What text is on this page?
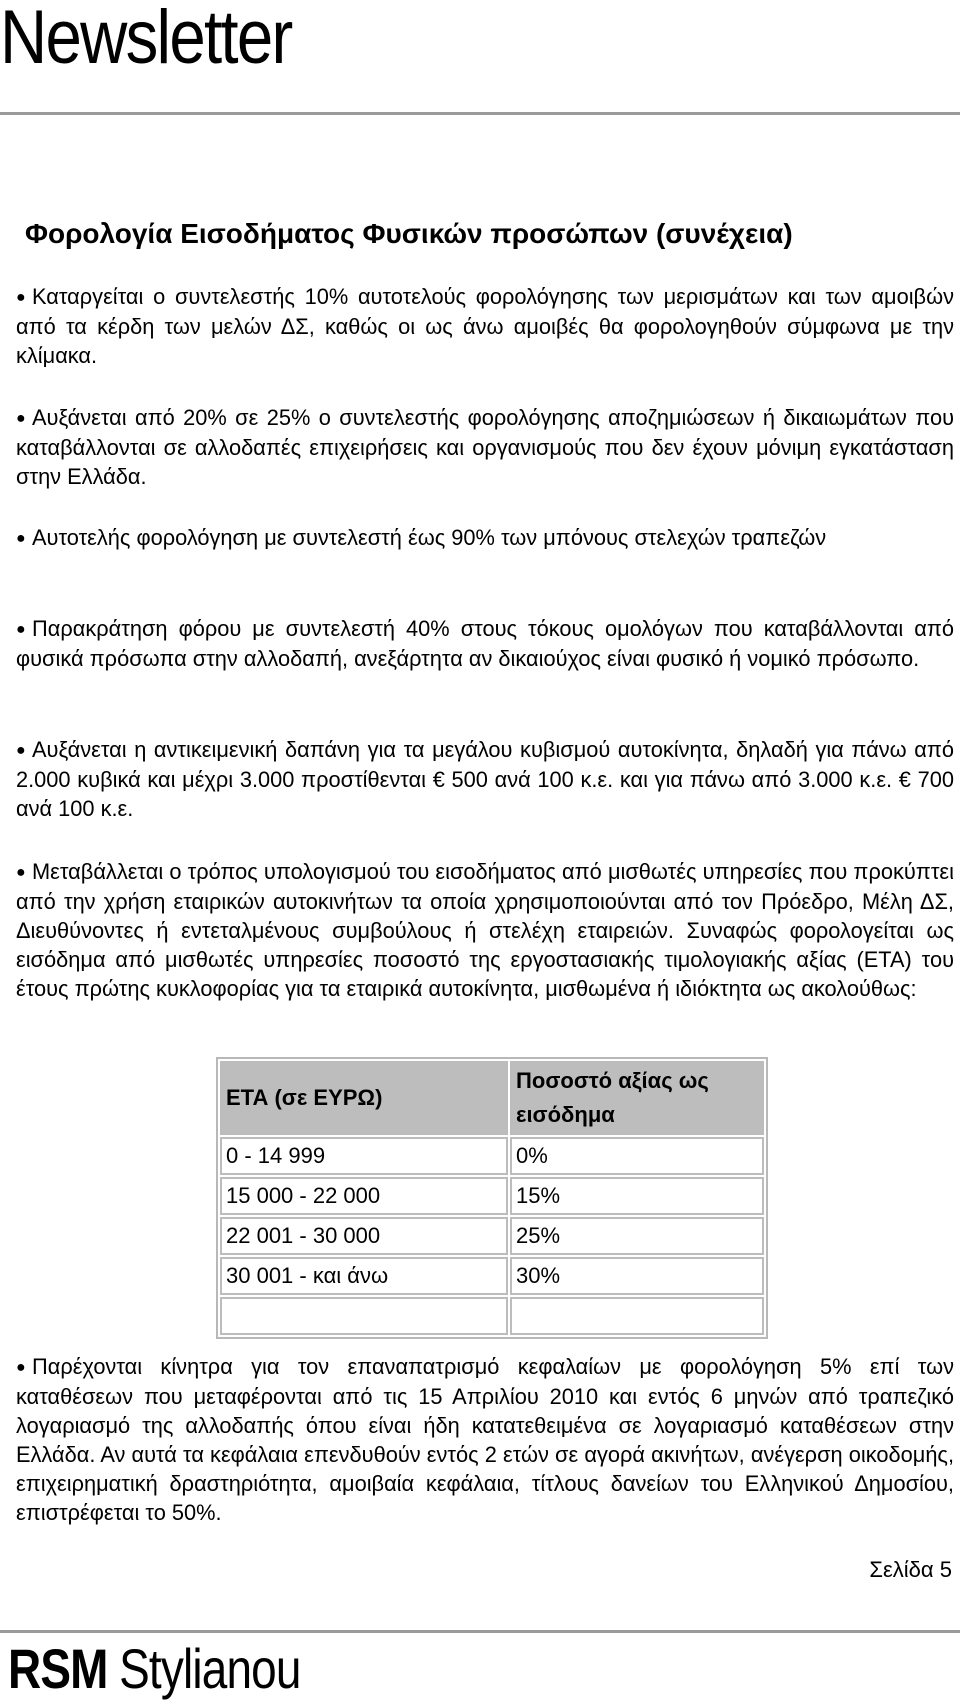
Newsletter
Φορολογία Εισοδήματος Φυσικών προσώπων (συνέχεια)

● Καταργείται ο συντελεστής 10% αυτοτελούς φορολόγησης των μερισμάτων και των αμοιβών από τα κέρδη των μελών ΔΣ, καθώς οι ως άνω αμοιβές θα φορολογηθούν σύμφωνα με την κλίμακα.

● Αυξάνεται από 20% σε 25% ο συντελεστής φορολόγησης αποζημιώσεων ή δικαιωμάτων που καταβάλλονται σε αλλοδαπές επιχειρήσεις και οργανισμούς που δεν έχουν μόνιμη εγκατάσταση στην Ελλάδα.

● Αυτοτελής φορολόγηση με συντελεστή έως 90% των μπόνους στελεχών τραπεζών

● Παρακράτηση φόρου με συντελεστή 40% στους τόκους ομολόγων που καταβάλλονται από φυσικά πρόσωπα στην αλλοδαπή, ανεξάρτητα αν δικαιούχος είναι φυσικό ή νομικό πρόσωπο.

● Αυξάνεται η αντικειμενική δαπάνη για τα μεγάλου κυβισμού αυτοκίνητα, δηλαδή για πάνω από 2.000 κυβικά και μέχρι 3.000 προστίθενται € 500 ανά 100 κ.ε. και για πάνω από 3.000 κ.ε. € 700 ανά 100 κ.ε.

● Μεταβάλλεται ο τρόπος υπολογισμού του εισοδήματος από μισθωτές υπηρεσίες που προκύπτει από την χρήση εταιρικών αυτοκινήτων τα οποία χρησιμοποιούνται από τον Πρόεδρο, Μέλη ΔΣ, Διευθύνοντες ή εντεταλμένους συμβούλους ή στελέχη εταιρειών. Συναφώς φορολογείται ως εισόδημα από μισθωτές υπηρεσίες ποσοστό της εργοστασιακής τιμολογιακής αξίας (ΕΤΑ) του έτους πρώτης κυκλοφορίας για τα εταιρικά αυτοκίνητα, μισθωμένα ή ιδιόκτητα ως ακολούθως:

ΕΤΑ (σε ΕΥΡΩ)	Ποσοστό αξίας ως εισόδημα
0 - 14 999	0%
15 000 - 22 000	15%
22 001 - 30 000	25%
30 001 - και άνω	30%

● Παρέχονται κίνητρα για τον επαναπατρισμό κεφαλαίων με φορολόγηση 5% επί των καταθέσεων που μεταφέρονται από τις 15 Απριλίου 2010 και εντός 6 μηνών από τραπεζικό λογαριασμό της αλλοδαπής όπου είναι ήδη κατατεθειμένα σε λογαριασμό καταθέσεων στην Ελλάδα. Αν αυτά τα κεφάλαια επενδυθούν εντός 2 ετών σε αγορά ακινήτων, ανέγερση οικοδομής, επιχειρηματική δραστηριότητα, αμοιβαία κεφάλαια, τίτλους δανείων του Ελληνικού Δημοσίου, επιστρέφεται το 50%.

Σελίδα 5

RSM Stylianou
